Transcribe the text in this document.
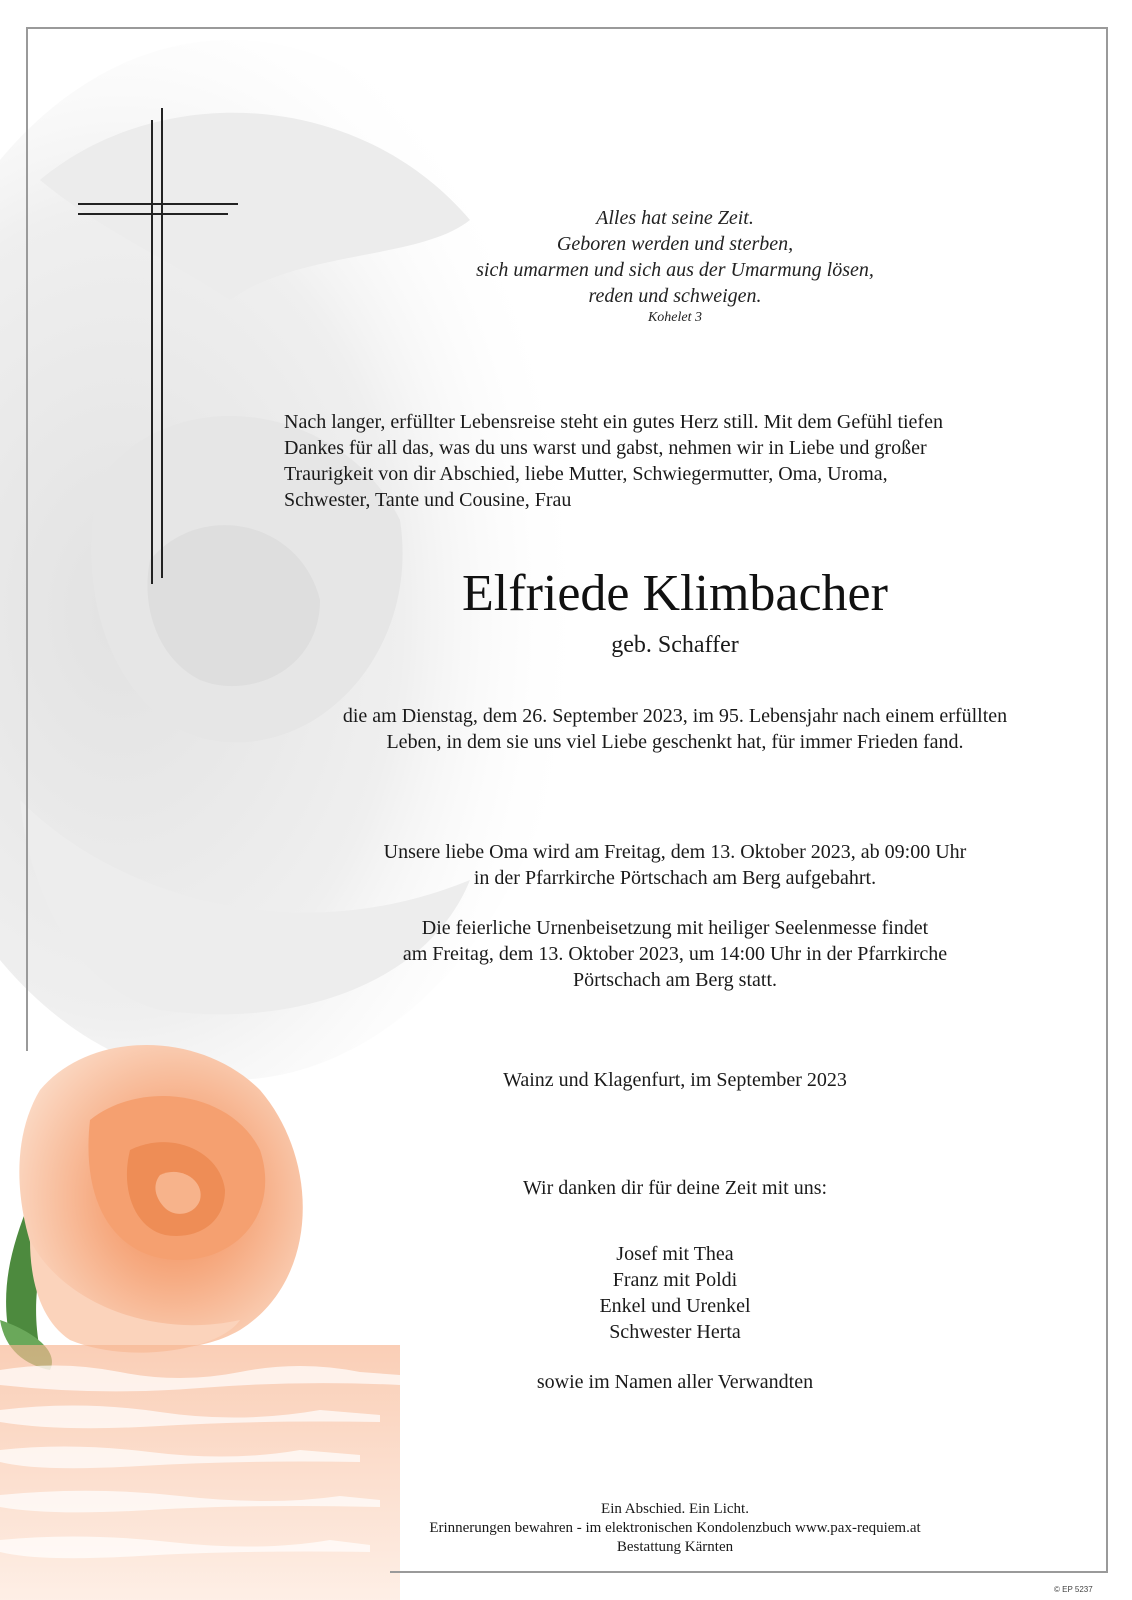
Alles hat seine Zeit.
Geboren werden und sterben,
sich umarmen und sich aus der Umarmung lösen,
reden und schweigen.
Kohelet 3
Nach langer, erfüllter Lebensreise steht ein gutes Herz still. Mit dem Gefühl tiefen
Dankes für all das, was du uns warst und gabst, nehmen wir in Liebe und großer
Traurigkeit von dir Abschied, liebe Mutter, Schwiegermutter, Oma, Uroma,
Schwester, Tante und Cousine, Frau
Elfriede Klimbacher
geb. Schaffer
die am Dienstag, dem 26. September 2023, im 95. Lebensjahr nach einem erfüllten
Leben, in dem sie uns viel Liebe geschenkt hat, für immer Frieden fand.
Unsere liebe Oma wird am Freitag, dem 13. Oktober 2023, ab 09:00 Uhr
in der Pfarrkirche Pörtschach am Berg aufgebahrt.
Die feierliche Urnenbeisetzung mit heiliger Seelenmesse findet
am Freitag, dem 13. Oktober 2023, um 14:00 Uhr in der Pfarrkirche
Pörtschach am Berg statt.
Wainz und Klagenfurt, im September 2023
Wir danken dir für deine Zeit mit uns:
Josef mit Thea
Franz mit Poldi
Enkel und Urenkel
Schwester Herta
sowie im Namen aller Verwandten
Ein Abschied. Ein Licht.
Erinnerungen bewahren - im elektronischen Kondolenzbuch www.pax-requiem.at
Bestattung Kärnten
© EP 5237
